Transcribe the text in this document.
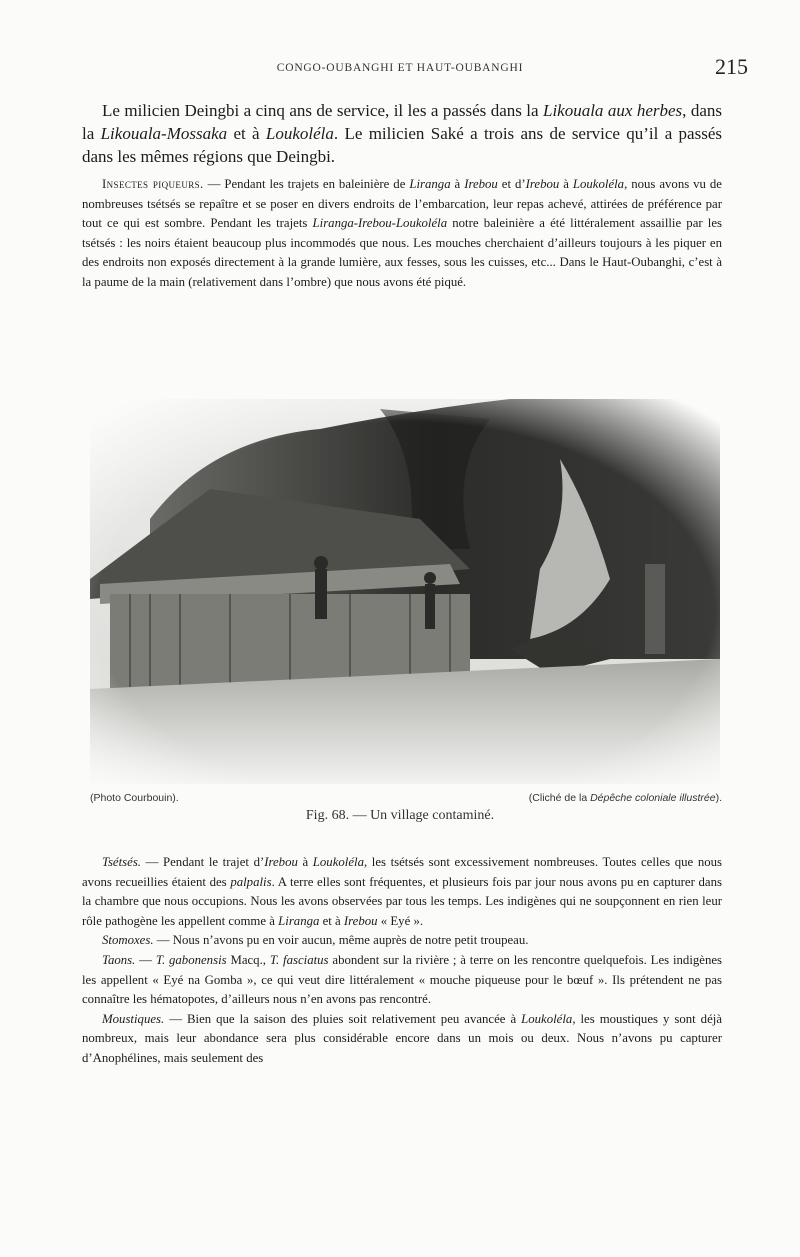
CONGO-OUBANGHI ET HAUT-OUBANGHI	215

Le milicien Deingbi a cinq ans de service, il les a passés dans la Likouala aux herbes, dans la Likouala-Mossaka et à Loukoléla. Le milicien Saké a trois ans de service qu’il a passés dans les mêmes régions que Deingbi.

Insectes piqueurs. — Pendant les trajets en baleinière de Liranga à Irebou et d’Irebou à Loukoléla, nous avons vu de nombreuses tsétsés se repaître et se poser en divers endroits de l’embarcation, leur repas achevé, attirées de préférence par tout ce qui est sombre. Pendant les trajets Liranga-Irebou-Loukoléla notre baleinière a été littéralement assaillie par les tsétsés : les noirs étaient beaucoup plus incommodés que nous. Les mouches cherchaient d’ailleurs toujours à les piquer en des endroits non exposés directement à la grande lumière, aux fesses, sous les cuisses, etc... Dans le Haut-Oubanghi, c’est à la paume de la main (relativement dans l’ombre) que nous avons été piqué.

(Photo Courbouin).	(Cliché de la Dépêche coloniale illustrée).
Fig. 68. — Un village contaminé.

Tsétsés. — Pendant le trajet d’Irebou à Loukoléla, les tsétsés sont excessivement nombreuses. Toutes celles que nous avons recueillies étaient des palpalis. A terre elles sont fréquentes, et plusieurs fois par jour nous avons pu en capturer dans la chambre que nous occupions. Nous les avons observées par tous les temps. Les indigènes qui ne soupçonnent en rien leur rôle pathogène les appellent comme à Liranga et à Irebou « Eyé ».

Stomoxes. — Nous n’avons pu en voir aucun, même auprès de notre petit troupeau.

Taons. — T. gabonensis Macq., T. fasciatus abondent sur la rivière ; à terre on les rencontre quelquefois. Les indigènes les appellent « Eyé na Gomba », ce qui veut dire littéralement « mouche piqueuse pour le bœuf ». Ils prétendent ne pas connaître les hématopotes, d’ailleurs nous n’en avons pas rencontré.

Moustiques. — Bien que la saison des pluies soit relativement peu avancée à Loukoléla, les moustiques y sont déjà nombreux, mais leur abondance sera plus considérable encore dans un mois ou deux. Nous n’avons pu capturer d’Anophélines, mais seulement des
